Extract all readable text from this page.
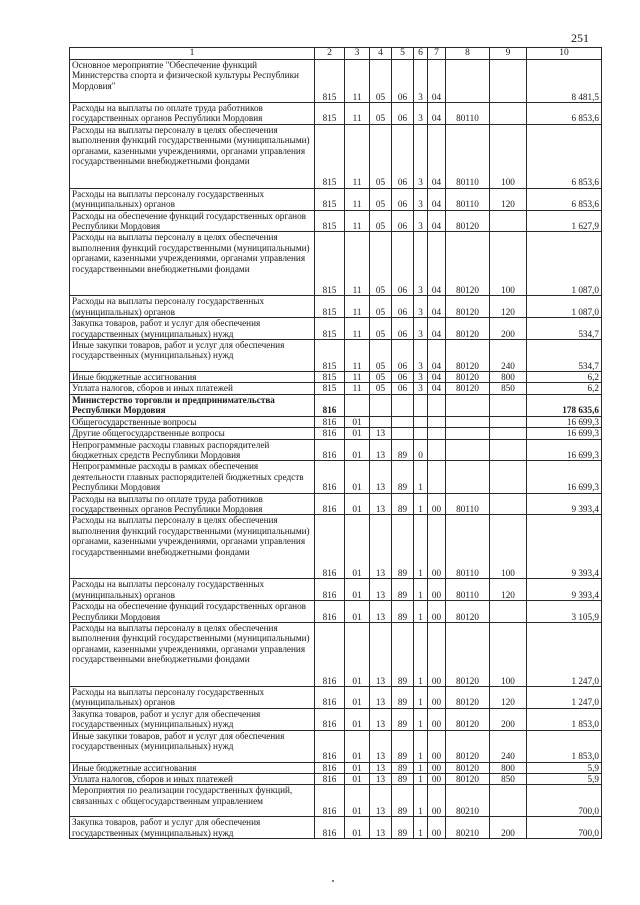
251
1	2	3	4	5	6	7	8	9	10
Основное мероприятие "Обеспечение функций Министерства спорта и физической культуры Республики Мордовия"	815	11	05	06	3	04			8 481,5
Расходы на выплаты по оплате труда работников государственных органов Республики Мордовия	815	11	05	06	3	04	80110		6 853,6
Расходы на выплаты персоналу в целях обеспечения выполнения функций государственными (муниципальными) органами, казенными учреждениями, органами управления государственными внебюджетными фондами	815	11	05	06	3	04	80110	100	6 853,6
Расходы на выплаты персоналу государственных (муниципальных) органов	815	11	05	06	3	04	80110	120	6 853,6
Расходы на обеспечение функций государственных органов Республики Мордовия	815	11	05	06	3	04	80120		1 627,9
Расходы на выплаты персоналу в целях обеспечения выполнения функций государственными (муниципальными) органами, казенными учреждениями, органами управления государственными внебюджетными фондами	815	11	05	06	3	04	80120	100	1 087,0
Расходы на выплаты персоналу государственных (муниципальных) органов	815	11	05	06	3	04	80120	120	1 087,0
Закупка товаров, работ и услуг для обеспечения государственных (муниципальных) нужд	815	11	05	06	3	04	80120	200	534,7
Иные закупки товаров, работ и услуг для обеспечения государственных (муниципальных) нужд	815	11	05	06	3	04	80120	240	534,7
Иные бюджетные ассигнования	815	11	05	06	3	04	80120	800	6,2
Уплата налогов, сборов и иных платежей	815	11	05	06	3	04	80120	850	6,2
Министерство торговли и предпринимательства Республики Мордовия	816								178 635,6
Общегосударственные вопросы	816	01							16 699,3
Другие общегосударственные вопросы	816	01	13						16 699,3
Непрограммные расходы главных распорядителей бюджетных средств Республики Мордовия	816	01	13	89	0				16 699,3
Непрограммные расходы в рамках обеспечения деятельности главных распорядителей бюджетных средств Республики Мордовия	816	01	13	89	1				16 699,3
Расходы на выплаты по оплате труда работников государственных органов Республики Мордовия	816	01	13	89	1	00	80110		9 393,4
Расходы на выплаты персоналу в целях обеспечения выполнения функций государственными (муниципальными) органами, казенными учреждениями, органами управления государственными внебюджетными фондами	816	01	13	89	1	00	80110	100	9 393,4
Расходы на выплаты персоналу государственных (муниципальных) органов	816	01	13	89	1	00	80110	120	9 393,4
Расходы на обеспечение функций государственных органов Республики Мордовия	816	01	13	89	1	00	80120		3 105,9
Расходы на выплаты персоналу в целях обеспечения выполнения функций государственными (муниципальными) органами, казенными учреждениями, органами управления государственными внебюджетными фондами	816	01	13	89	1	00	80120	100	1 247,0
Расходы на выплаты персоналу государственных (муниципальных) органов	816	01	13	89	1	00	80120	120	1 247,0
Закупка товаров, работ и услуг для обеспечения государственных (муниципальных) нужд	816	01	13	89	1	00	80120	200	1 853,0
Иные закупки товаров, работ и услуг для обеспечения государственных (муниципальных) нужд	816	01	13	89	1	00	80120	240	1 853,0
Иные бюджетные ассигнования	816	01	13	89	1	00	80120	800	5,9
Уплата налогов, сборов и иных платежей	816	01	13	89	1	00	80120	850	5,9
Мероприятия по реализации государственных функций, связанных с общегосударственным управлением	816	01	13	89	1	00	80210		700,0
Закупка товаров, работ и услуг для обеспечения государственных (муниципальных) нужд	816	01	13	89	1	00	80210	200	700,0
